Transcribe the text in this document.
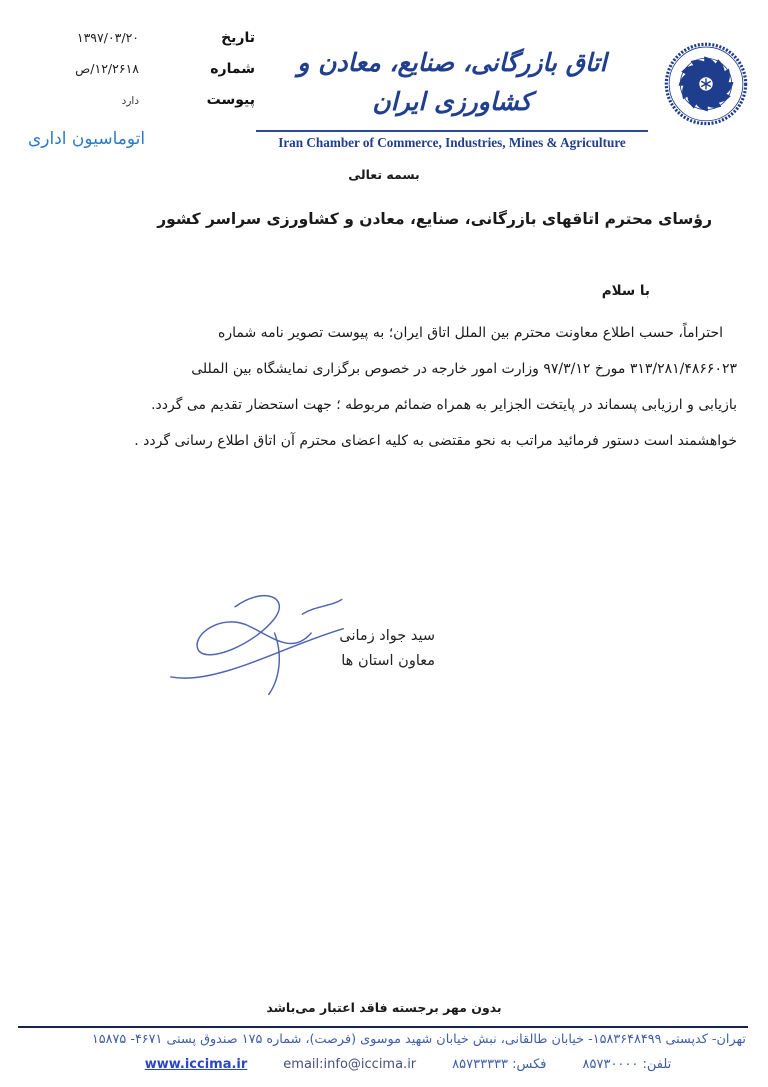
تاریخ
۱۳۹۷/۰۳/۲۰
شماره
۱۲/۲۶۱۸/ص
پیوست
دارد
اتوماسیون اداری
اتاق بازرگانی، صنایع، معادن و کشاورزی ایران
Iran Chamber of Commerce, Industries, Mines & Agriculture
بسمه تعالی
رؤسای محترم اتاقهای بازرگانی، صنایع، معادن و کشاورزی سراسر کشور
با سلام
احتراماً، حسب اطلاع معاونت محترم بین الملل اتاق ایران؛ به پیوست تصویر نامه شماره
۳۱۳/۲۸۱/۴۸۶۶۰۲۳ مورخ ۹۷/۳/۱۲ وزارت امور خارجه در خصوص برگزاری نمایشگاه بین المللی
بازیابی و ارزیابی پسماند در پایتخت الجزایر به همراه ضمائم مربوطه ؛ جهت استحضار تقدیم می گردد.
خواهشمند است دستور فرمائید مراتب به نحو مقتضی به کلیه اعضای محترم آن اتاق اطلاع رسانی گردد .
سید جواد زمانی
معاون استان ها
بدون مهر برجسته فاقد اعتبار می‌باشد
تهران- کدپستی ۱۵۸۳۶۴۸۴۹۹- خیابان طالقانی، نبش خیابان شهید موسوی (فرصت)، شماره ۱۷۵ صندوق پستی ۴۶۷۱- ۱۵۸۷۵
تلفن: ۸۵۷۳۰۰۰۰
فکس: ۸۵۷۳۳۳۳۳
email:info@iccima.ir
www.iccima.ir
